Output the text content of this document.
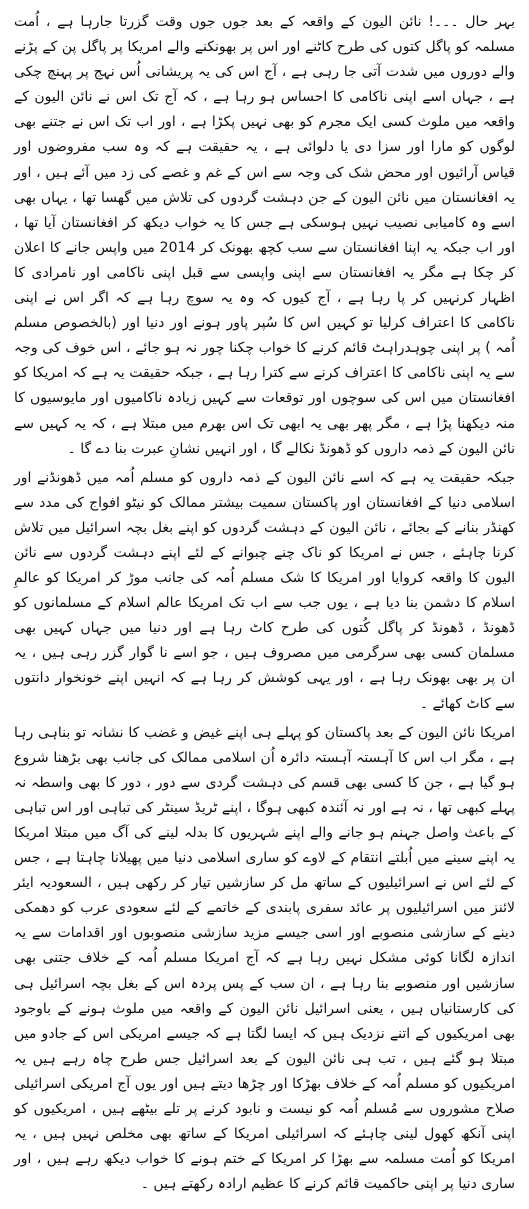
بہر حال ۔۔۔! نائن الیون کے واقعہ کے بعد جوں جوں وقت گزرتا جارہا ہے ، اُمت مسلمہ کو پاگل کتوں کی طرح کاٹنے اور اس پر بھونکنے والے امریکا پر پاگل پن کے پڑنے والے دوروں میں شدت آتی جا رہی ہے ، آج اس کی یہ پریشانی اُس نہج پر پہنچ چکی ہے ، جہاں اسے اپنی ناکامی کا احساس ہو رہا ہے ، کہ آج تک اس نے نائن الیون کے واقعہ میں ملوث کسی ایک مجرم کو بھی نہیں پکڑا ہے ، اور اب تک اس نے جتنے بھی لوگوں کو مارا اور سزا دی یا دلوائی ہے ، یہ حقیقت ہے کہ وہ سب مفروضوں اور قیاس آرائیوں اور محض شک کی وجہ سے اس کے غم و غصے کی زد میں آئے ہیں ، اور یہ افغانستان میں نائن الیون کے جن دہشت گردوں کی تلاش میں گھسا تھا ، یہاں بھی اسے وہ کامیابی نصیب نہیں ہوسکی ہے جس کا یہ خواب دیکھ کر افغانستان آیا تھا ، اور اب جبکہ یہ اپنا افغانستان سے سب کچھ بھونک کر 2014 میں واپس جانے کا اعلان کر چکا ہے مگر یہ افغانستان سے اپنی واپسی سے قبل اپنی ناکامی اور نامرادی کا اظہار کرنہیں کر پا رہا ہے ، آج کیوں کہ وہ یہ سوچ رہا ہے کہ اگر اس نے اپنی ناکامی کا اعتراف کرلیا تو کہیں اس کا سُپر پاور ہونے اور دنیا اور (بالخصوص مسلم اُمہ ) پر اپنی چوہدراہٹ قائم کرنے کا خواب چکنا چور نہ ہو جائے ، اس خوف کی وجہ سے یہ اپنی ناکامی کا اعتراف کرنے سے کترا رہا ہے ، جبکہ حقیقت یہ ہے کہ امریکا کو افغانستان میں اس کی سوچوں اور توقعات سے کہیں زیادہ ناکامیوں اور مایوسیوں کا منہ دیکھنا پڑا ہے ، مگر پھر بھی یہ ابھی تک اس بھرم میں مبتلا ہے ، کہ یہ کہیں سے نائن الیون کے ذمہ داروں کو ڈھونڈ نکالے گا ، اور انہیں نشانِ عبرت بنا دے گا ۔

جبکہ حقیقت یہ ہے کہ اسے نائن الیون کے ذمہ داروں کو مسلم اُمہ میں ڈھونڈنے اور اسلامی دنیا کے افغانستان اور پاکستان سمیت بیشتر ممالک کو نیٹو افواج کی مدد سے کھنڈر بنانے کے بجائے ، نائن الیون کے دہشت گردوں کو اپنے بغل بچہ اسرائیل میں تلاش کرنا چاہئے ، جس نے امریکا کو ناک چنے چبوانے کے لئے اپنے دہشت گردوں سے نائن الیون کا واقعہ کروایا اور امریکا کا شک مسلم اُمہ کی جانب موڑ کر امریکا کو عالمِ اسلام کا دشمن بنا دیا ہے ، یوں جب سے اب تک امریکا عالم اسلام کے مسلمانوں کو ڈھونڈ ، ڈھونڈ کر پاگل کُتوں کی طرح کاٹ رہا ہے اور دنیا میں جہاں کہیں بھی مسلمان کسی بھی سرگرمی میں مصروف ہیں ، جو اسے نا گوار گزر رہی ہیں ، یہ ان پر بھی بھونک رہا ہے ، اور یہی کوشش کر رہا ہے کہ انہیں اپنے خونخوار دانتوں سے کاٹ کھائے ۔

امریکا نائن الیون کے بعد پاکستان کو پہلے ہی اپنے غیض و غضب کا نشانہ تو بناہی رہا ہے ، مگر اب اس کا آہستہ آہستہ دائرہ اُن اسلامی ممالک کی جانب بھی بڑھنا شروع ہو گیا ہے ، جن کا کسی بھی قسم کی دہشت گردی سے دور ، دور کا بھی واسطہ نہ پہلے کبھی تھا ، نہ ہے اور نہ آئندہ کبھی ہوگا ، اپنے ٹریڈ سینٹر کی تباہی اور اس تباہی کے باعث واصل جہنم ہو جانے والے اپنے شہریوں کا بدلہ لینے کی آگ میں مبتلا امریکا یہ اپنے سینے میں اُبلتے انتقام کے لاوے کو ساری اسلامی دنیا میں پھیلانا چاہتا ہے ، جس کے لئے اس نے اسرائیلیوں کے ساتھ مل کر سازشیں تیار کر رکھی ہیں ، السعودیہ ایئر لائنز میں اسرائیلیوں پر عائد سفری پابندی کے خاتمے کے لئے سعودی عرب کو دھمکی دینے کے سازشی منصوبے اور اسی جیسے مزید سازشی منصوبوں اور اقدامات سے یہ اندازہ لگانا کوئی مشکل نہیں رہا ہے کہ آج امریکا مسلم اُمہ کے خلاف جتنی بھی سازشیں اور منصوبے بنا رہا ہے ، ان سب کے پس پردہ اس کے بغل بچہ اسرائیل ہی کی کارستانیاں ہیں ، یعنی اسرائیل نائن الیون کے واقعہ میں ملوث ہونے کے باوجود بھی امریکیوں کے اتنے نزدیک ہیں کہ ایسا لگتا ہے کہ جیسے امریکی اس کے جادو میں مبتلا ہو گئے ہیں ، تب ہی نائن الیون کے بعد اسرائیل جس طرح چاہ رہے ہیں یہ امریکیوں کو مسلم اُمہ کے خلاف بھڑکا اور چڑھا دیتے ہیں اور یوں آج امریکی اسرائیلی صلاح مشوروں سے مُسلم اُمہ کو نیست و نابود کرنے پر تلے بیٹھے ہیں ، امریکیوں کو اپنی آنکھ کھول لینی چاہئے کہ اسرائیلی امریکا کے ساتھ بھی مخلص نہیں ہیں ، یہ امریکا کو اُمت مسلمہ سے بھڑا کر امریکا کے ختم ہونے کا خواب دیکھ رہے ہیں ، اور ساری دنیا پر اپنی حاکمیت قائم کرنے کا عظیم ارادہ رکھتے ہیں ۔
